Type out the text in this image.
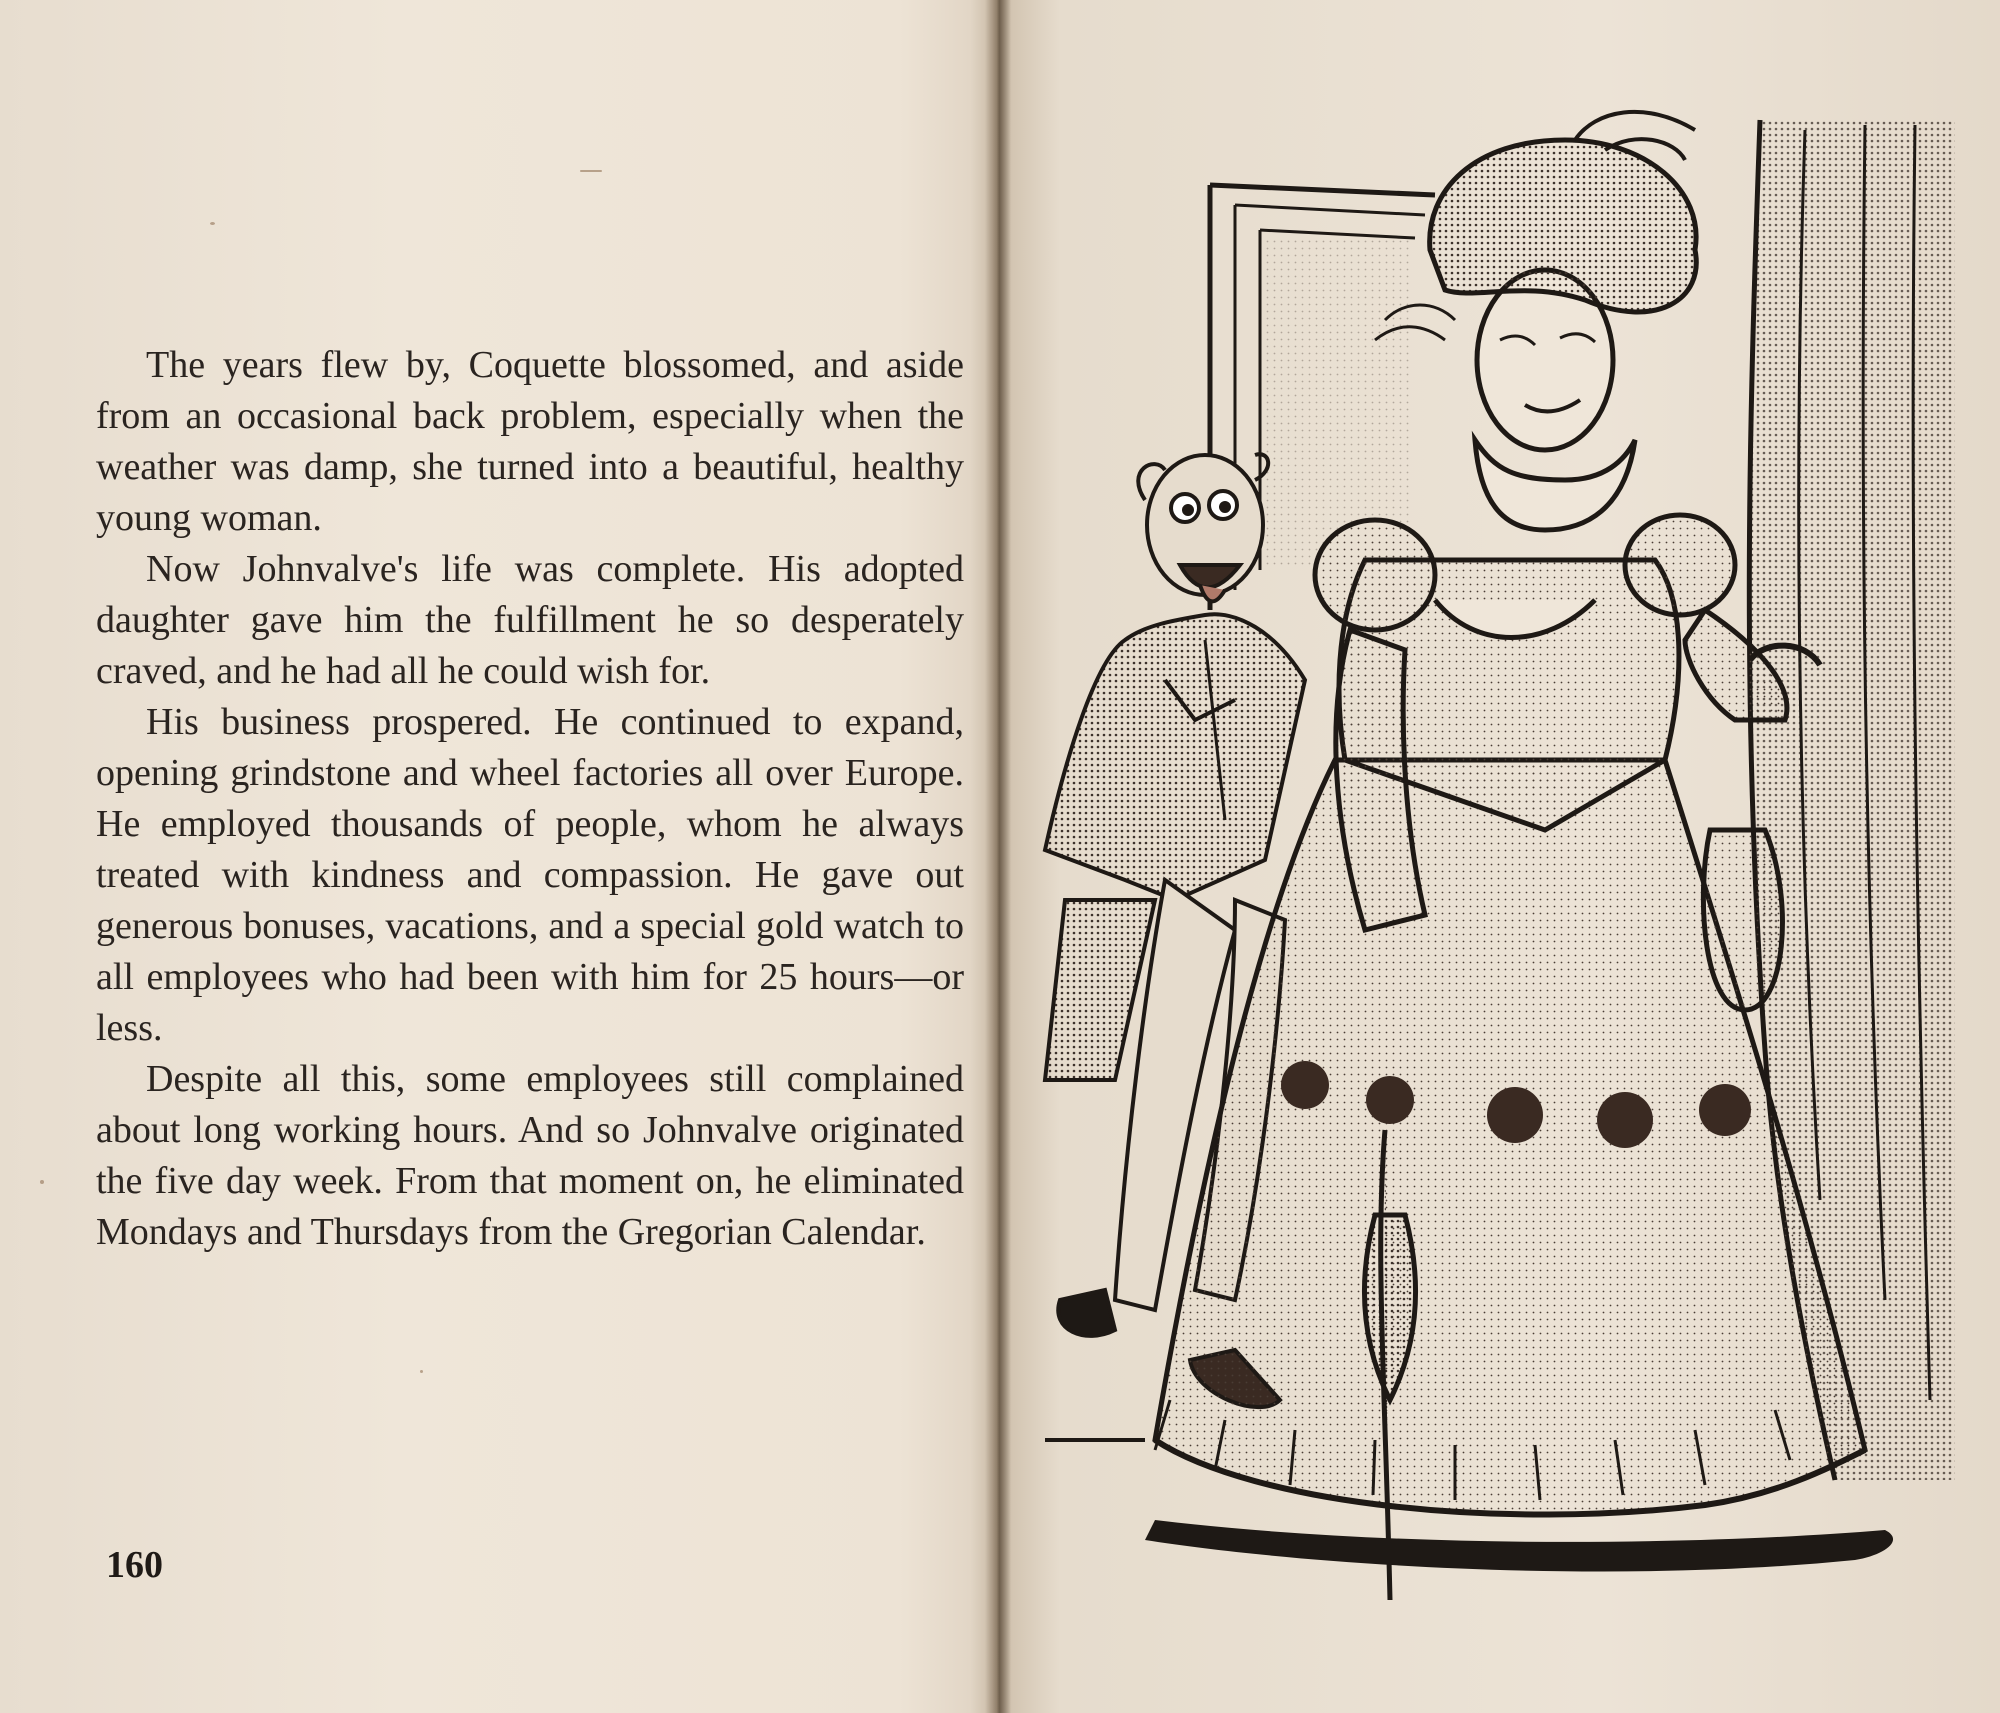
The years flew by, Coquette blossomed, and aside from an occasional back problem, especially when the weather was damp, she turned into a beautiful, healthy young woman.

Now Johnvalve's life was complete. His adopted daughter gave him the fulfillment he so desperately craved, and he had all he could wish for.

His business prospered. He continued to expand, opening grindstone and wheel factories all over Europe. He employed thousands of people, whom he always treated with kindness and compassion. He gave out generous bonuses, vacations, and a special gold watch to all employees who had been with him for 25 hours—or less.

Despite all this, some employees still complained about long working hours. And so Johnvalve originated the five day week. From that moment on, he eliminated Mondays and Thursdays from the Gregorian Calendar.

160
